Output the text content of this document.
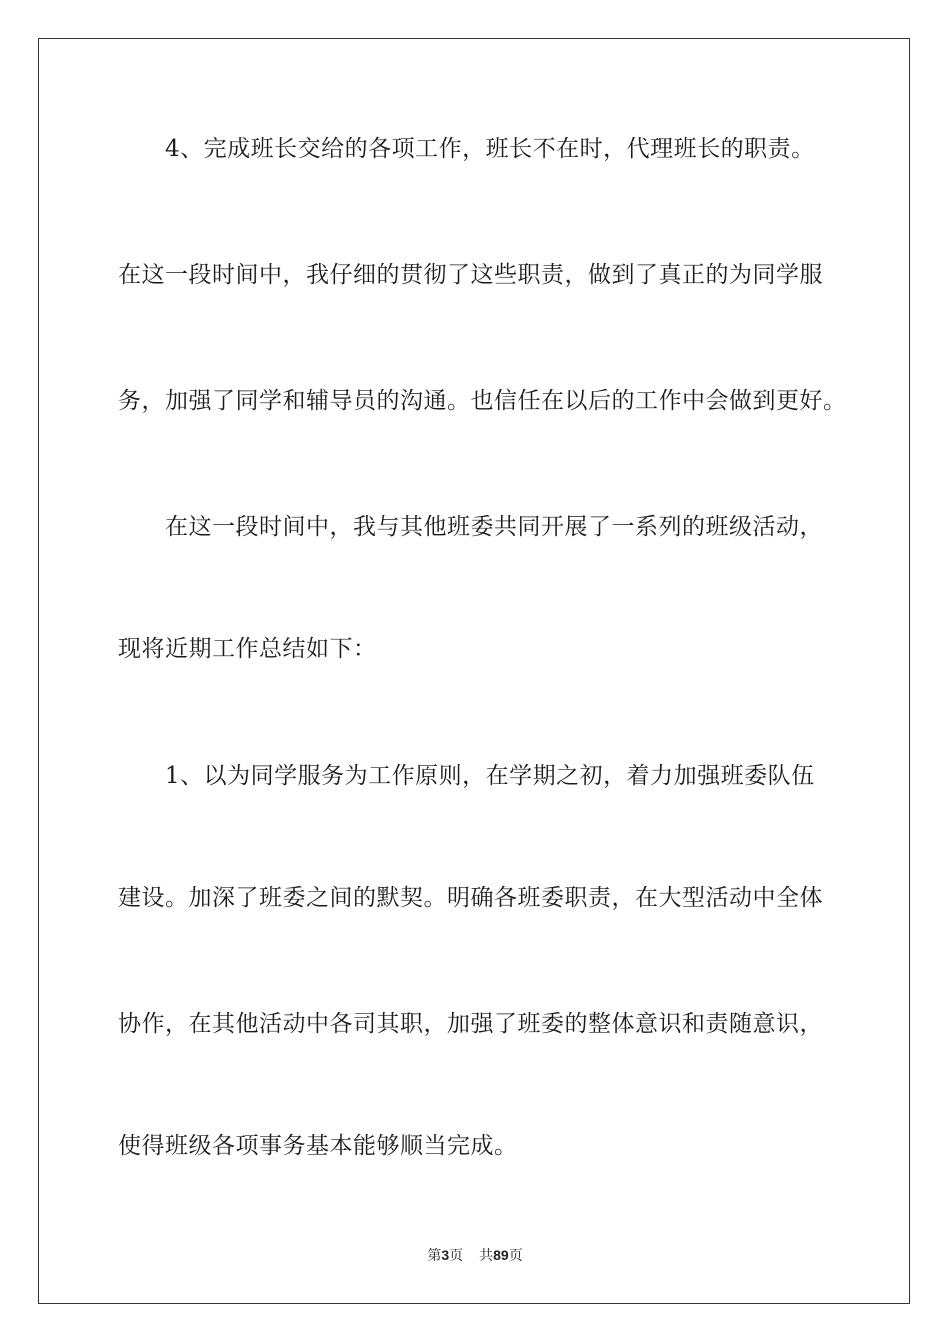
4、完成班长交给的各项工作，班长不在时，代理班长的职责。
在这一段时间中，我仔细的贯彻了这些职责，做到了真正的为同学服
务，加强了同学和辅导员的沟通。也信任在以后的工作中会做到更好。
在这一段时间中，我与其他班委共同开展了一系列的班级活动，
现将近期工作总结如下：
1、以为同学服务为工作原则，在学期之初，着力加强班委队伍
建设。加深了班委之间的默契。明确各班委职责，在大型活动中全体
协作，在其他活动中各司其职，加强了班委的整体意识和责随意识，
使得班级各项事务基本能够顺当完成。
第3页 共89页
